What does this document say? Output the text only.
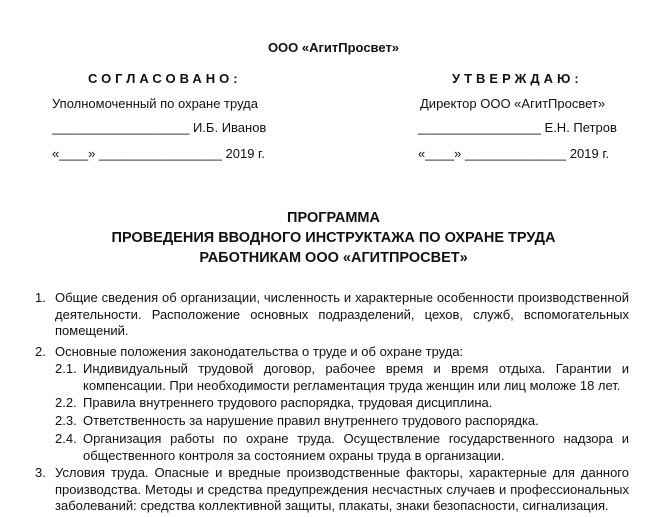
ООО «АгитПросвет»
СОГЛАСОВАНО:
Уполномоченный по охране труда
___________________ И.Б. Иванов
«____» _________________ 2019 г.
УТВЕРЖДАЮ:
Директор ООО «АгитПросвет»
_________________ Е.Н. Петров
«____» ______________ 2019 г.
ПРОГРАММА
ПРОВЕДЕНИЯ ВВОДНОГО ИНСТРУКТАЖА ПО ОХРАНЕ ТРУДА
РАБОТНИКАМ ООО «АГИТПРОСВЕТ»
1. Общие сведения об организации, численность и характерные особенности производственной деятельности. Расположение основных подразделений, цехов, служб, вспомогательных помещений.
2. Основные положения законодательства о труде и об охране труда:
2.1. Индивидуальный трудовой договор, рабочее время и время отдыха. Гарантии и компенсации. При необходимости регламентация труда женщин или лиц моложе 18 лет.
2.2. Правила внутреннего трудового распорядка, трудовая дисциплина.
2.3. Ответственность за нарушение правил внутреннего трудового распорядка.
2.4. Организация работы по охране труда. Осуществление государственного надзора и общественного контроля за состоянием охраны труда в организации.
3. Условия труда. Опасные и вредные производственные факторы, характерные для данного производства. Методы и средства предупреждения несчастных случаев и профессиональных заболеваний: средства коллективной защиты, плакаты, знаки безопасности, сигнализация.
